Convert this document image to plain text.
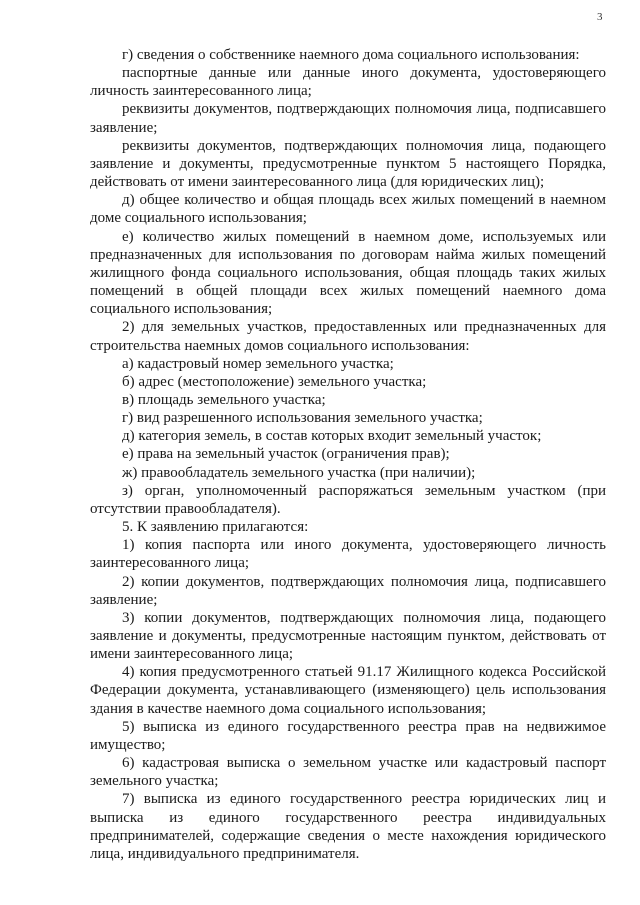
3

г) сведения о собственнике наемного дома социального использования:

паспортные данные или данные иного документа, удостоверяющего личность заинтересованного лица;

реквизиты документов, подтверждающих полномочия лица, подписавшего заявление;

реквизиты документов, подтверждающих полномочия лица, подающего заявление и документы, предусмотренные пунктом 5 настоящего Порядка, действовать от имени заинтересованного лица (для юридических лиц);

д) общее количество и общая площадь всех жилых помещений в наемном доме социального использования;

е) количество жилых помещений в наемном доме, используемых или предназначенных для использования по договорам найма жилых помещений жилищного фонда социального использования, общая площадь таких жилых помещений в общей площади всех жилых помещений наемного дома социального использования;

2) для земельных участков, предоставленных или предназначенных для строительства наемных домов социального использования:

а) кадастровый номер земельного участка;

б) адрес (местоположение) земельного участка;

в) площадь земельного участка;

г) вид разрешенного использования земельного участка;

д) категория земель, в состав которых входит земельный участок;

е) права на земельный участок (ограничения прав);

ж) правообладатель земельного участка (при наличии);

з) орган, уполномоченный распоряжаться земельным участком (при отсутствии правообладателя).

5. К заявлению прилагаются:

1) копия паспорта или иного документа, удостоверяющего личность заинтересованного лица;

2) копии документов, подтверждающих полномочия лица, подписавшего заявление;

3) копии документов, подтверждающих полномочия лица, подающего заявление и документы, предусмотренные настоящим пунктом, действовать от имени заинтересованного лица;

4) копия предусмотренного статьей 91.17 Жилищного кодекса Российской Федерации документа, устанавливающего (изменяющего) цель использования здания в качестве наемного дома социального использования;

5) выписка из единого государственного реестра прав на недвижимое имущество;

6) кадастровая выписка о земельном участке или кадастровый паспорт земельного участка;

7) выписка из единого государственного реестра юридических лиц и выписка из единого государственного реестра индивидуальных предпринимателей, содержащие сведения о месте нахождения юридического лица, индивидуального предпринимателя.
